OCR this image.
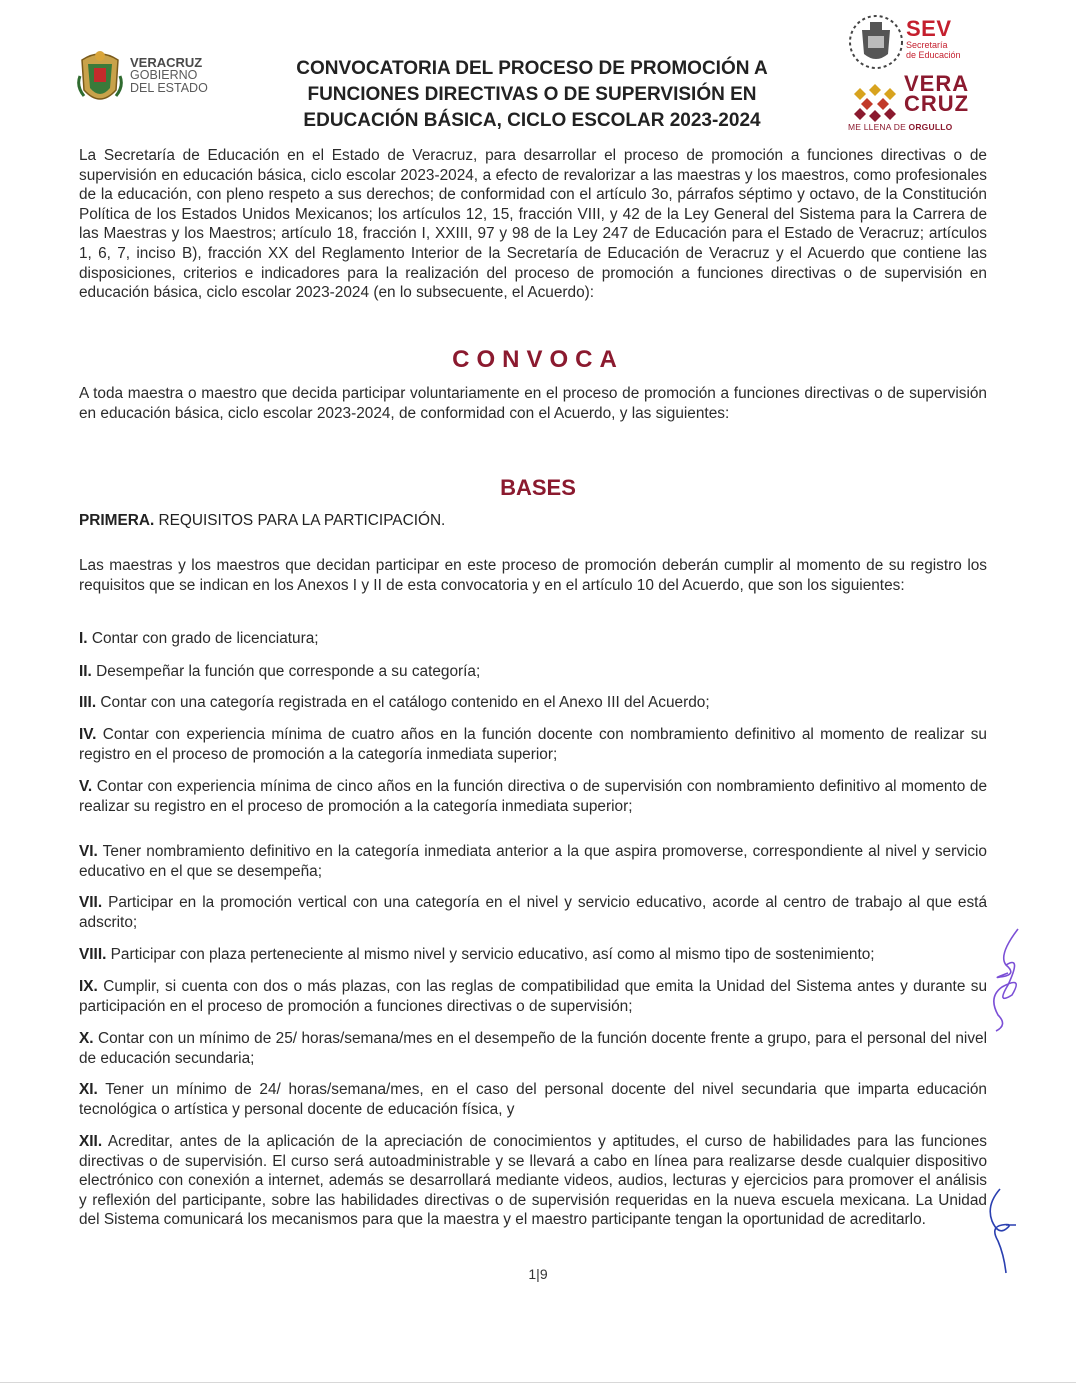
VERACRUZ
GOBIERNO
DEL ESTADO
CONVOCATORIA DEL PROCESO DE PROMOCIÓN A
FUNCIONES DIRECTIVAS O DE SUPERVISIÓN EN
EDUCACIÓN BÁSICA, CICLO ESCOLAR 2023-2024
SEV
Secretaría
de Educación
VERA
CRUZ
ME LLENA DE ORGULLO
La Secretaría de Educación en el Estado de Veracruz, para desarrollar el proceso de promoción a funciones directivas o de supervisión en educación básica, ciclo escolar 2023-2024, a efecto de revalorizar a las maestras y los maestros, como profesionales de la educación, con pleno respeto a sus derechos; de conformidad con el artículo 3o, párrafos séptimo y octavo, de la Constitución Política de los Estados Unidos Mexicanos; los artículos 12, 15, fracción VIII, y 42 de la Ley General del Sistema para la Carrera de las Maestras y los Maestros; artículo 18, fracción I, XXIII, 97 y 98 de la Ley 247 de Educación para el Estado de Veracruz; artículos 1, 6, 7, inciso B), fracción XX del Reglamento Interior de la Secretaría de Educación de Veracruz y el Acuerdo que contiene las disposiciones, criterios e indicadores para la realización del proceso de promoción a funciones directivas o de supervisión en educación básica, ciclo escolar 2023-2024 (en lo subsecuente, el Acuerdo):
CONVOCA
A toda maestra o maestro que decida participar voluntariamente en el proceso de promoción a funciones directivas o de supervisión en educación básica, ciclo escolar 2023-2024, de conformidad con el Acuerdo, y las siguientes:
BASES
PRIMERA. REQUISITOS PARA LA PARTICIPACIÓN.
Las maestras y los maestros que decidan participar en este proceso de promoción deberán cumplir al momento de su registro los requisitos que se indican en los Anexos I y II de esta convocatoria y en el artículo 10 del Acuerdo, que son los siguientes:
I. Contar con grado de licenciatura;
II. Desempeñar la función que corresponde a su categoría;
III. Contar con una categoría registrada en el catálogo contenido en el Anexo III del Acuerdo;
IV. Contar con experiencia mínima de cuatro años en la función docente con nombramiento definitivo al momento de realizar su registro en el proceso de promoción a la categoría inmediata superior;
V. Contar con experiencia mínima de cinco años en la función directiva o de supervisión con nombramiento definitivo al momento de realizar su registro en el proceso de promoción a la categoría inmediata superior;
VI. Tener nombramiento definitivo en la categoría inmediata anterior a la que aspira promoverse, correspondiente al nivel y servicio educativo en el que se desempeña;
VII. Participar en la promoción vertical con una categoría en el nivel y servicio educativo, acorde al centro de trabajo al que está adscrito;
VIII. Participar con plaza perteneciente al mismo nivel y servicio educativo, así como al mismo tipo de sostenimiento;
IX. Cumplir, si cuenta con dos o más plazas, con las reglas de compatibilidad que emita la Unidad del Sistema antes y durante su participación en el proceso de promoción a funciones directivas o de supervisión;
X. Contar con un mínimo de 25/ horas/semana/mes en el desempeño de la función docente frente a grupo, para el personal del nivel de educación secundaria;
XI. Tener un mínimo de 24/ horas/semana/mes, en el caso del personal docente del nivel secundaria que imparta educación tecnológica o artística y personal docente de educación física, y
XII. Acreditar, antes de la aplicación de la apreciación de conocimientos y aptitudes, el curso de habilidades para las funciones directivas o de supervisión. El curso será autoadministrable y se llevará a cabo en línea para realizarse desde cualquier dispositivo electrónico con conexión a internet, además se desarrollará mediante videos, audios, lecturas y ejercicios para promover el análisis y reflexión del participante, sobre las habilidades directivas o de supervisión requeridas en la nueva escuela mexicana. La Unidad del Sistema comunicará los mecanismos para que la maestra y el maestro participante tengan la oportunidad de acreditarlo.
1|9
